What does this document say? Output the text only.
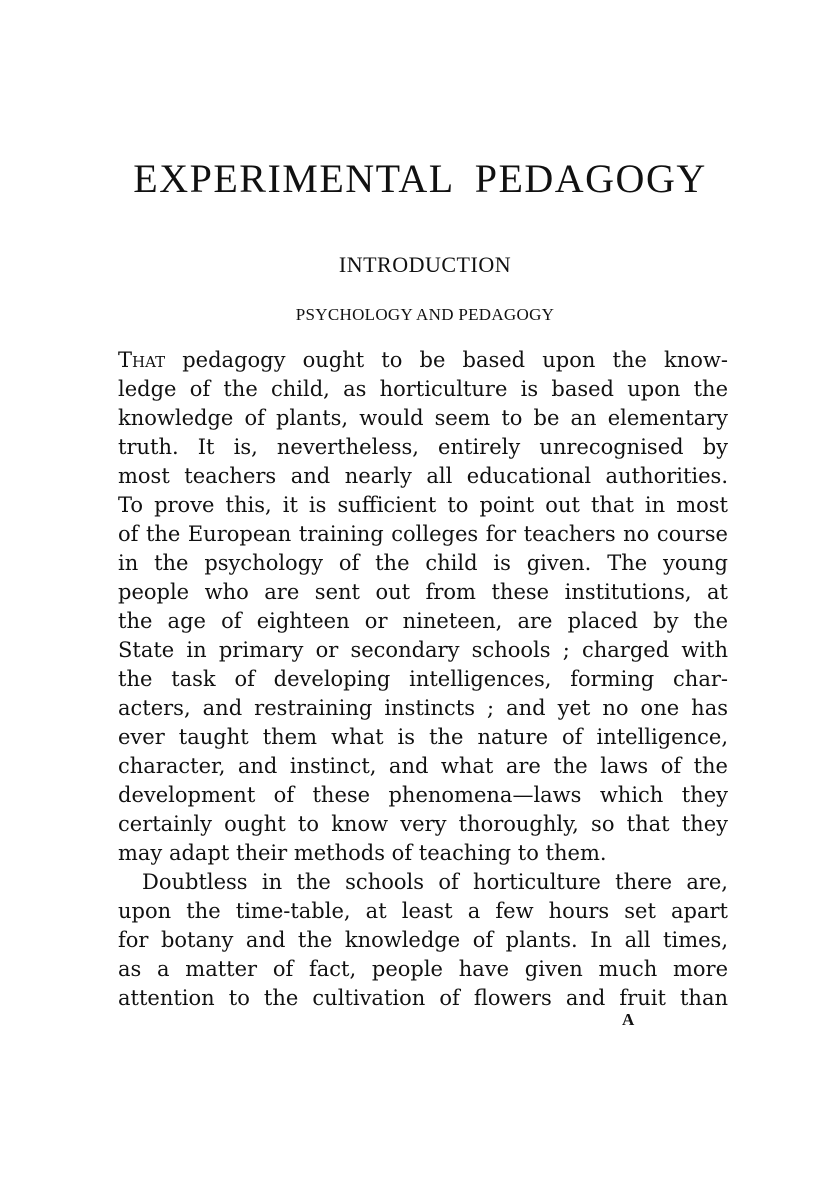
EXPERIMENTAL PEDAGOGY
INTRODUCTION
PSYCHOLOGY AND PEDAGOGY
That pedagogy ought to be based upon the know-
ledge of the child, as horticulture is based upon the
knowledge of plants, would seem to be an elementary
truth. It is, nevertheless, entirely unrecognised by
most teachers and nearly all educational authorities.
To prove this, it is sufficient to point out that in most
of the European training colleges for teachers no course
in the psychology of the child is given. The young
people who are sent out from these institutions, at
the age of eighteen or nineteen, are placed by the
State in primary or secondary schools ; charged with
the task of developing intelligences, forming char-
acters, and restraining instincts ; and yet no one has
ever taught them what is the nature of intelligence,
character, and instinct, and what are the laws of the
development of these phenomena—laws which they
certainly ought to know very thoroughly, so that they
may adapt their methods of teaching to them.
Doubtless in the schools of horticulture there are,
upon the time-table, at least a few hours set apart
for botany and the knowledge of plants. In all times,
as a matter of fact, people have given much more
attention to the cultivation of flowers and fruit than

A
